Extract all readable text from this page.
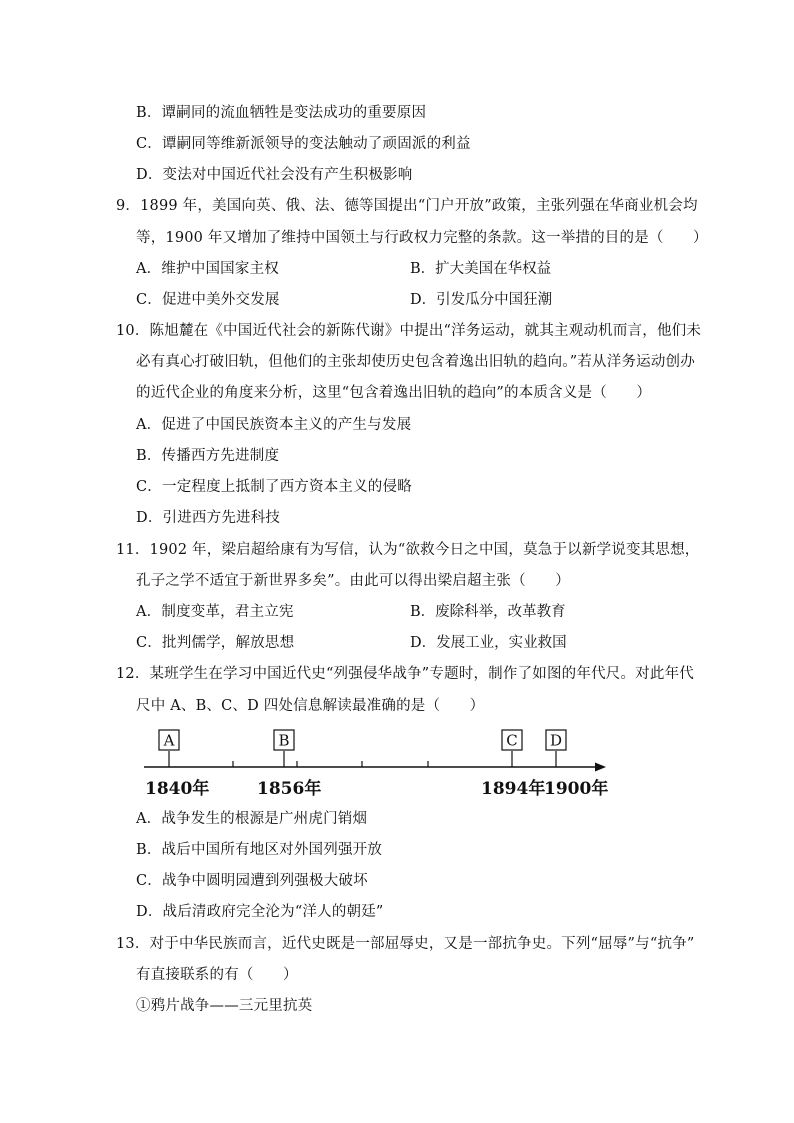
B．谭嗣同的流血牺牲是变法成功的重要原因
C．谭嗣同等维新派领导的变法触动了顽固派的利益
D．变法对中国近代社会没有产生积极影响
9．1899 年，美国向英、俄、法、德等国提出“门户开放”政策，主张列强在华商业机会均
等，1900 年又增加了维持中国领土与行政权力完整的条款。这一举措的目的是（　　）
A．维护中国国家主权	B．扩大美国在华权益
C．促进中美外交发展	D．引发瓜分中国狂潮
10．陈旭麓在《中国近代社会的新陈代谢》中提出“洋务运动，就其主观动机而言，他们未
必有真心打破旧轨，但他们的主张却使历史包含着逸出旧轨的趋向。”若从洋务运动创办
的近代企业的角度来分析，这里“包含着逸出旧轨的趋向”的本质含义是（　　）
A．促进了中国民族资本主义的产生与发展
B．传播西方先进制度
C．一定程度上抵制了西方资本主义的侵略
D．引进西方先进科技
11．1902 年，梁启超给康有为写信，认为“欲救今日之中国，莫急于以新学说变其思想，
孔子之学不适宜于新世界多矣”。由此可以得出梁启超主张（　　）
A．制度变革，君主立宪	B．废除科举，改革教育
C．批判儒学，解放思想	D．发展工业，实业救国
12．某班学生在学习中国近代史“列强侵华战争”专题时，制作了如图的年代尺。对此年代
尺中 A、B、C、D 四处信息解读最准确的是（　　）
A	B	C D
1840年	1856年	1894年
1900年
A．战争发生的根源是广州虎门销烟
B．战后中国所有地区对外国列强开放
C．战争中圆明园遭到列强极大破坏
D．战后清政府完全沦为“洋人的朝廷”
13．对于中华民族而言，近代史既是一部屈辱史，又是一部抗争史。下列“屈辱”与“抗争”
有直接联系的有（　　）
①鸦片战争——三元里抗英
